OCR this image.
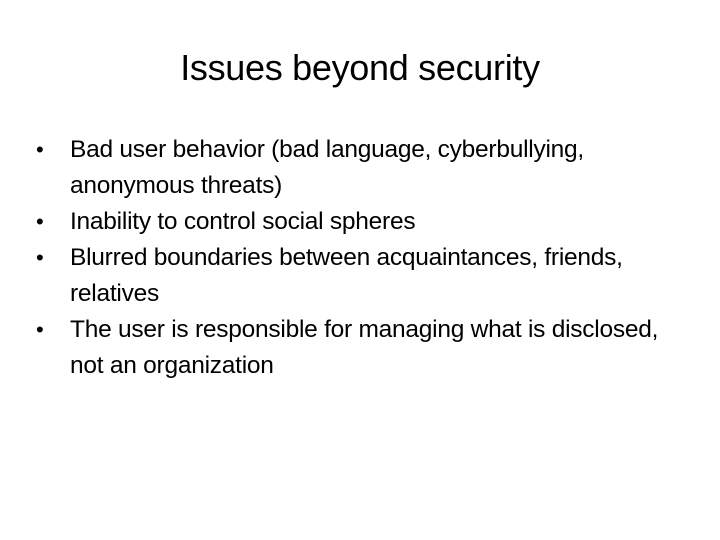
Issues beyond security
•	Bad user behavior (bad language, cyberbullying, anonymous threats)
•	Inability to control social spheres
•	Blurred boundaries between acquaintances, friends, relatives
•	The user is responsible for managing what is disclosed, not an organization
